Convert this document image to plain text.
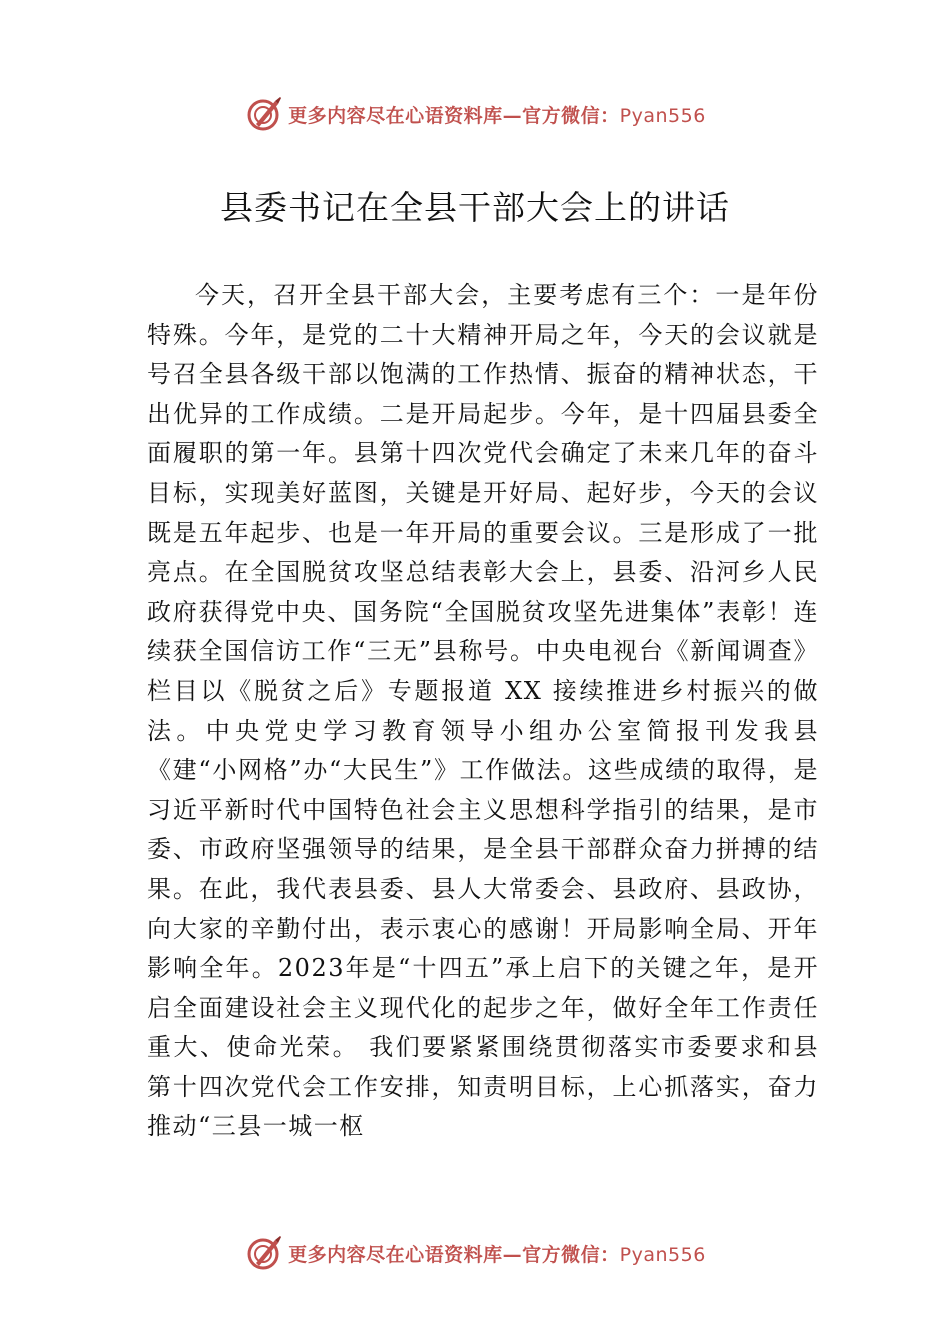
更多内容尽在心语资料库—官方微信：Pyan556
县委书记在全县干部大会上的讲话

今天，召开全县干部大会，主要考虑有三个：一是年份特殊。今年，是党的二十大精神开局之年，今天的会议就是号召全县各级干部以饱满的工作热情、振奋的精神状态，干出优异的工作成绩。二是开局起步。今年，是十四届县委全面履职的第一年。县第十四次党代会确定了未来几年的奋斗目标，实现美好蓝图，关键是开好局、起好步，今天的会议既是五年起步、也是一年开局的重要会议。三是形成了一批亮点。在全国脱贫攻坚总结表彰大会上，县委、沿河乡人民政府获得党中央、国务院“全国脱贫攻坚先进集体”表彰！连续获全国信访工作“三无”县称号。中央电视台《新闻调查》栏目以《脱贫之后》专题报道 XX 接续推进乡村振兴的做法。中央党史学习教育领导小组办公室简报刊发我县《建“小网格”办“大民生”》工作做法。这些成绩的取得，是习近平新时代中国特色社会主义思想科学指引的结果，是市委、市政府坚强领导的结果，是全县干部群众奋力拼搏的结果。在此，我代表县委、县人大常委会、县政府、县政协，向大家的辛勤付出，表示衷心的感谢！开局影响全局、开年影响全年。2023年是“十四五”承上启下的关键之年，是开启全面建设社会主义现代化的起步之年，做好全年工作责任重大、使命光荣。 我们要紧紧围绕贯彻落实市委要求和县第十四次党代会工作安排，知责明目标，上心抓落实，奋力推动“三县一城一枢

更多内容尽在心语资料库—官方微信：Pyan556
